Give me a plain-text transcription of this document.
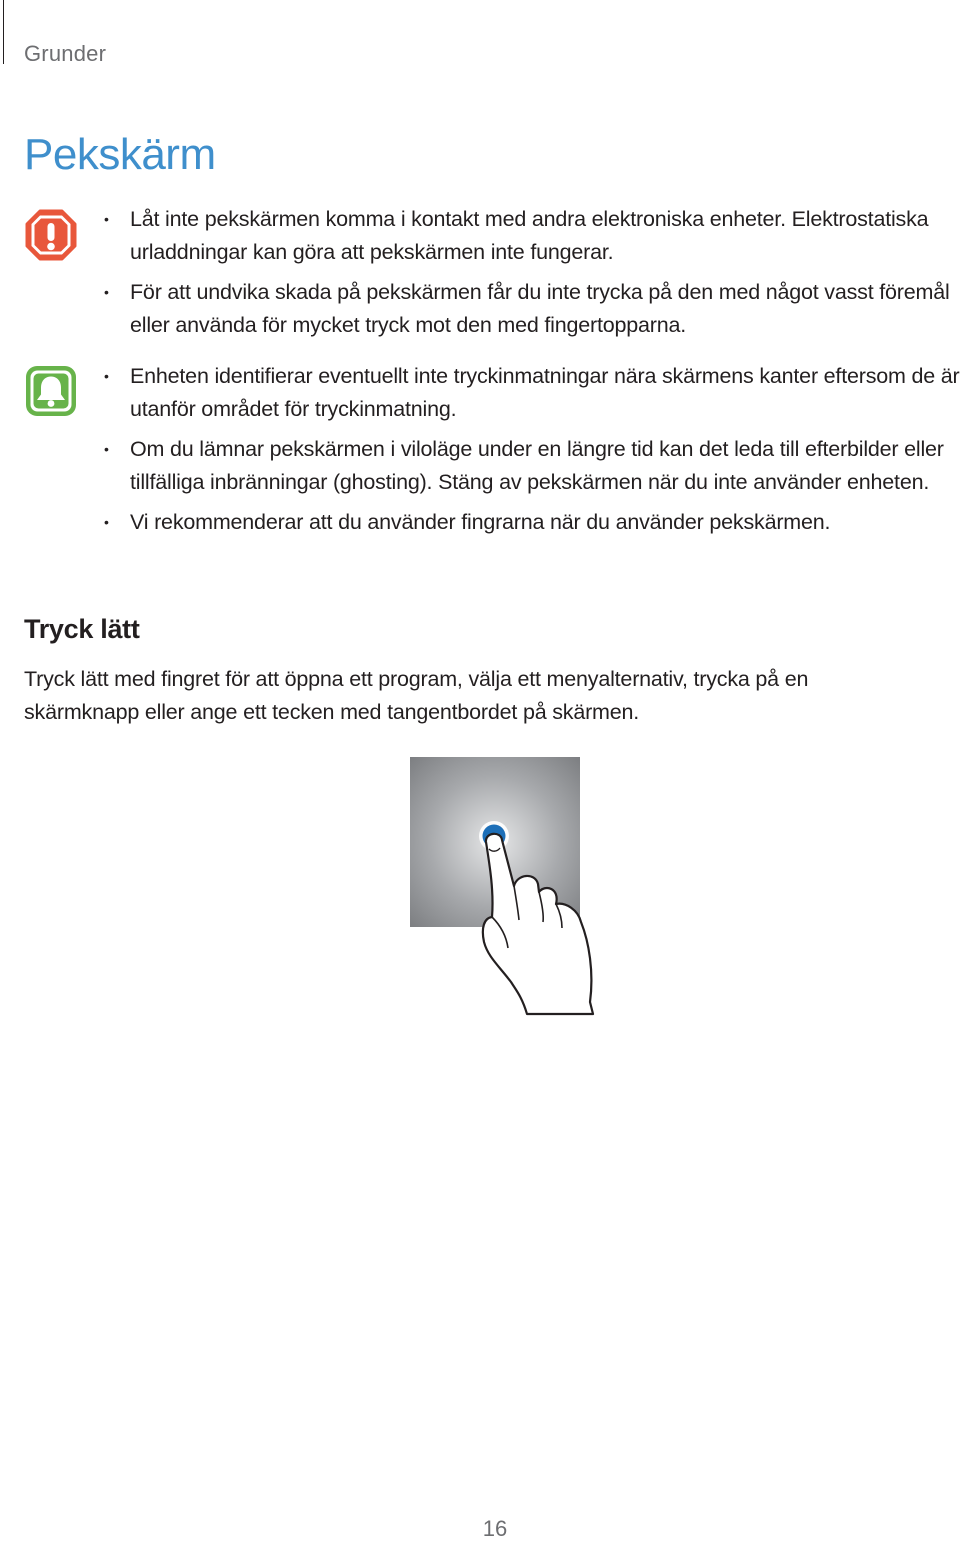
Grunder
Pekskärm
• Låt inte pekskärmen komma i kontakt med andra elektroniska enheter. Elektrostatiska urladdningar kan göra att pekskärmen inte fungerar.
• För att undvika skada på pekskärmen får du inte trycka på den med något vasst föremål eller använda för mycket tryck mot den med fingertopparna.
• Enheten identifierar eventuellt inte tryckinmatningar nära skärmens kanter eftersom de är utanför området för tryckinmatning.
• Om du lämnar pekskärmen i viloläge under en längre tid kan det leda till efterbilder eller tillfälliga inbränningar (ghosting). Stäng av pekskärmen när du inte använder enheten.
• Vi rekommenderar att du använder fingrarna när du använder pekskärmen.
Tryck lätt

Tryck lätt med fingret för att öppna ett program, välja ett menyalternativ, trycka på en skärmknapp eller ange ett tecken med tangentbordet på skärmen.

16
